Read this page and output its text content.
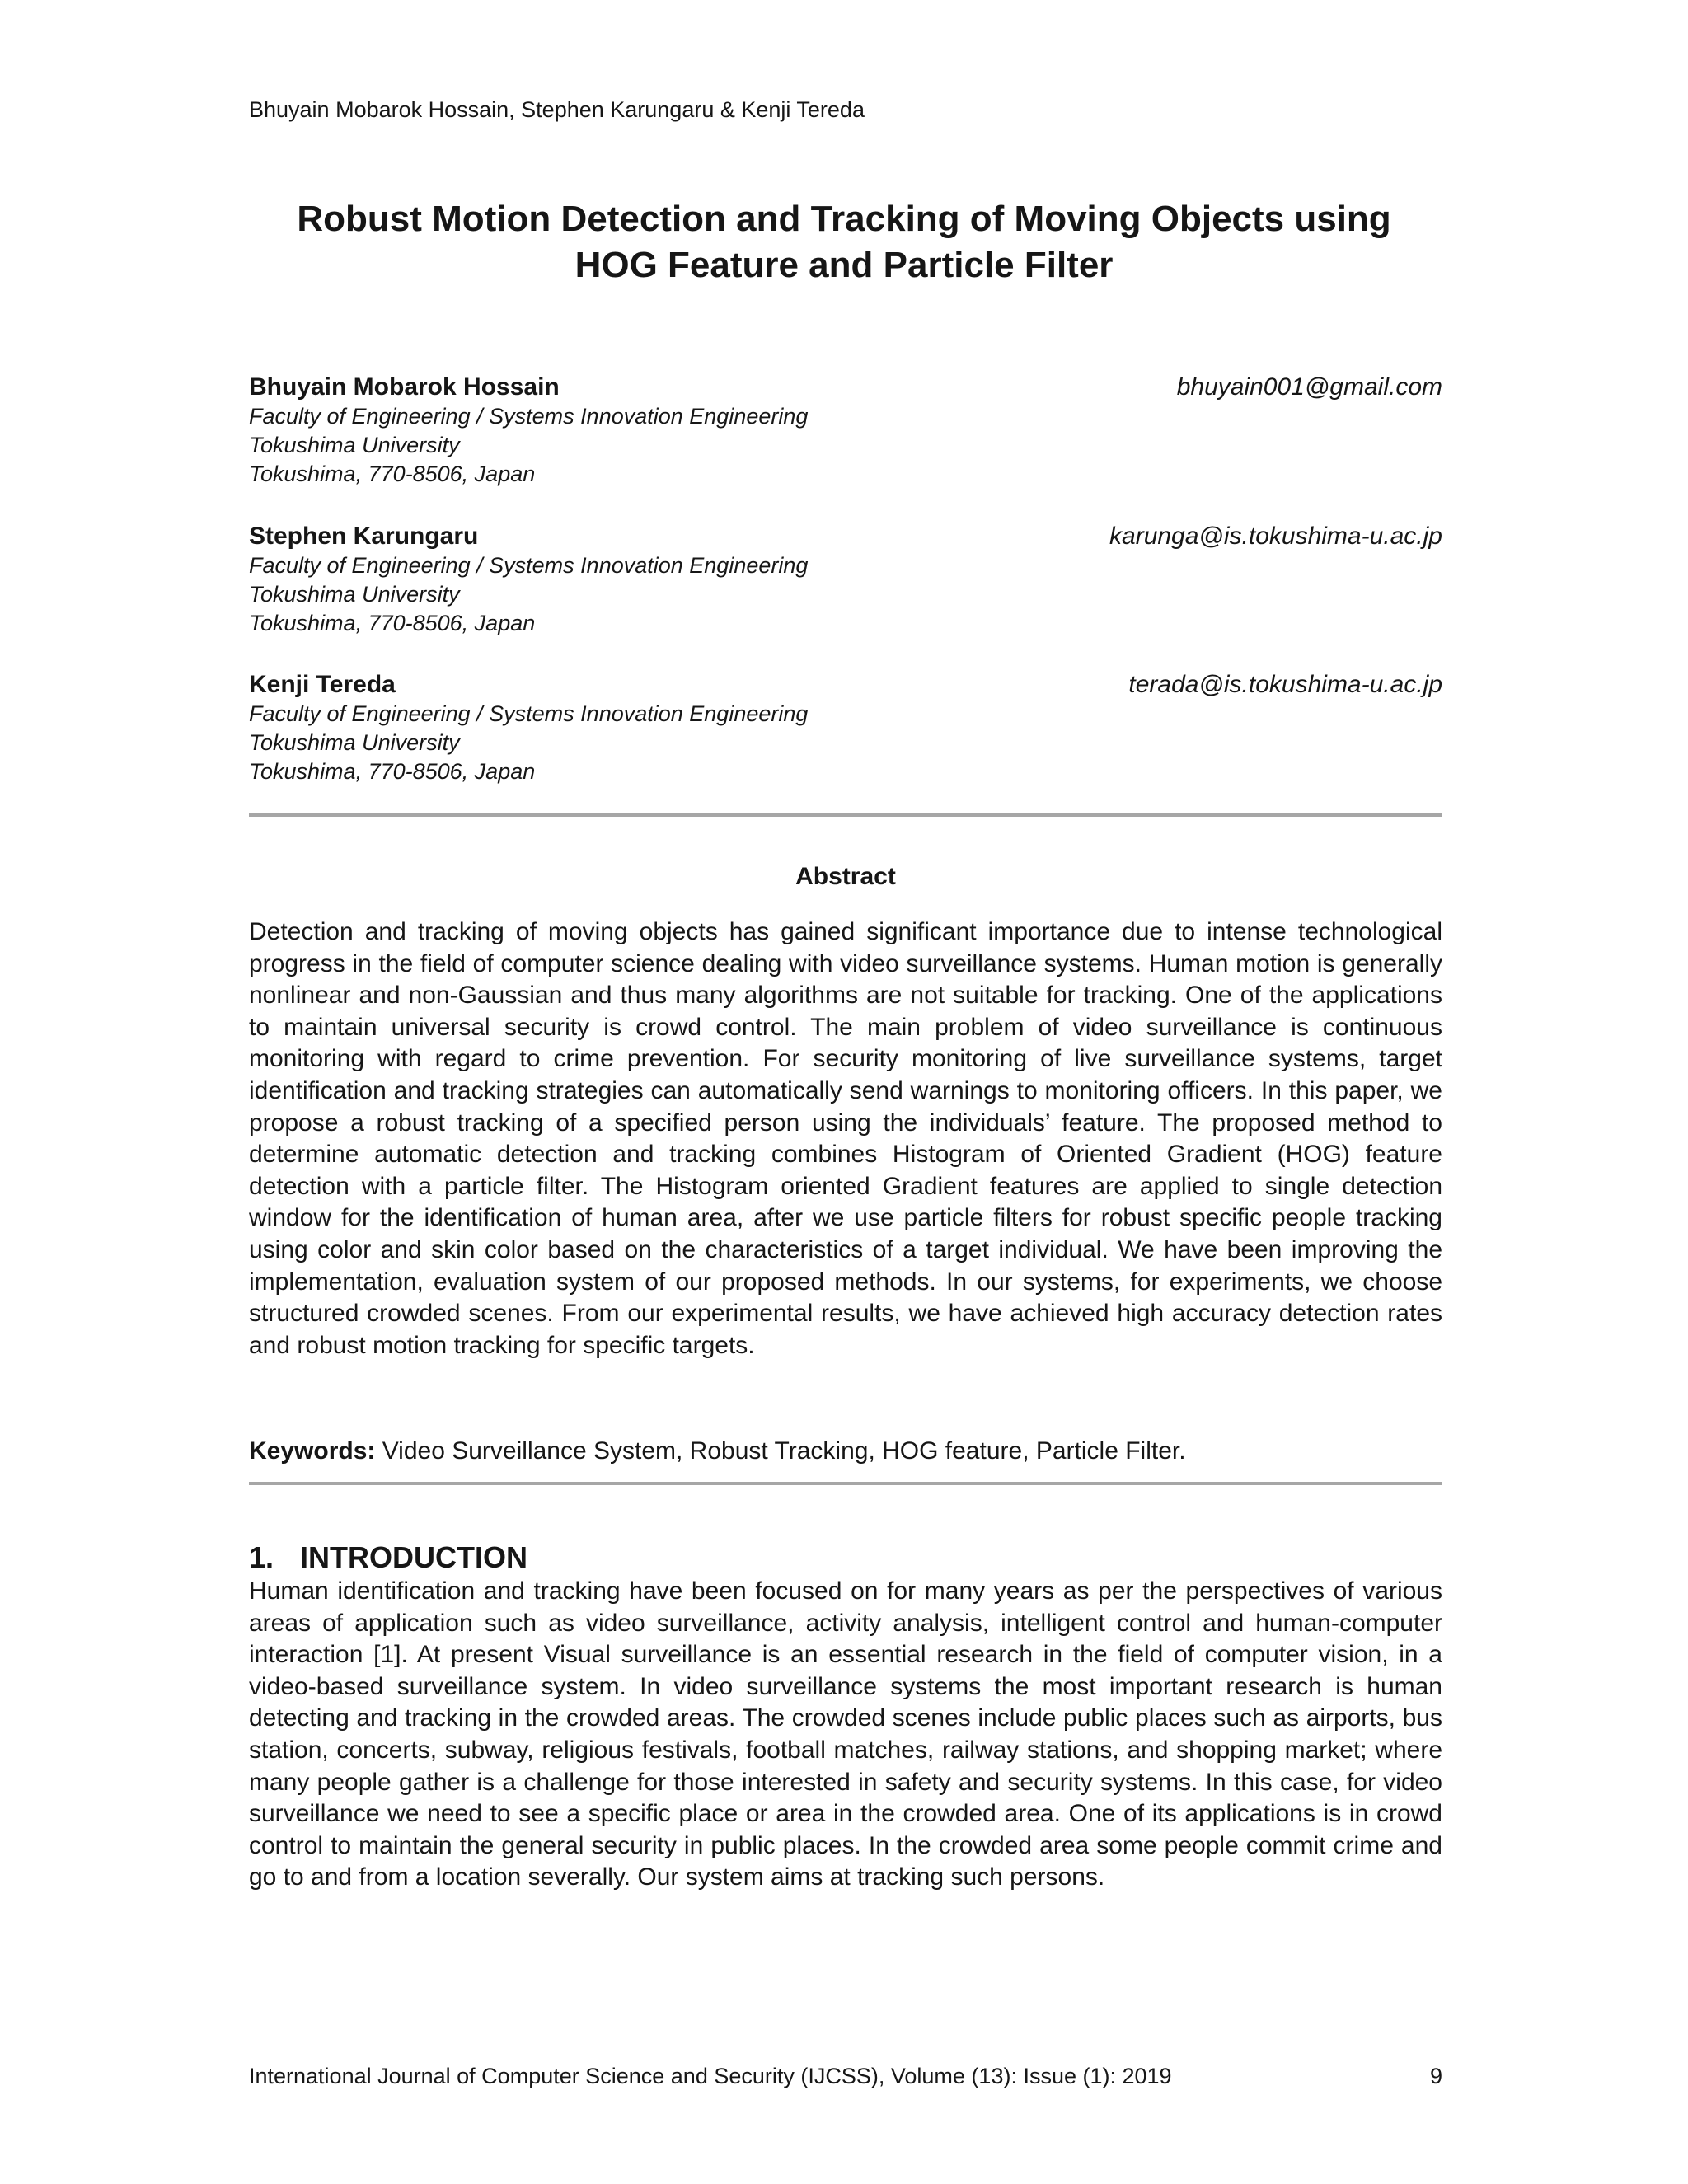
Bhuyain Mobarok Hossain, Stephen Karungaru & Kenji Tereda
Robust Motion Detection and Tracking of Moving Objects using
HOG Feature and Particle Filter
Bhuyain Mobarok Hossain	bhuyain001@gmail.com
Faculty of Engineering / Systems Innovation Engineering
Tokushima University
Tokushima, 770-8506, Japan
Stephen Karungaru	karunga@is.tokushima-u.ac.jp
Faculty of Engineering / Systems Innovation Engineering
Tokushima University
Tokushima, 770-8506, Japan
Kenji Tereda	terada@is.tokushima-u.ac.jp
Faculty of Engineering / Systems Innovation Engineering
Tokushima University
Tokushima, 770-8506, Japan
Abstract

Detection and tracking of moving objects has gained significant importance due to intense technological progress in the field of computer science dealing with video surveillance systems. Human motion is generally nonlinear and non-Gaussian and thus many algorithms are not suitable for tracking. One of the applications to maintain universal security is crowd control. The main problem of video surveillance is continuous monitoring with regard to crime prevention. For security monitoring of live surveillance systems, target identification and tracking strategies can automatically send warnings to monitoring officers. In this paper, we propose a robust tracking of a specified person using the individuals’ feature. The proposed method to determine automatic detection and tracking combines Histogram of Oriented Gradient (HOG) feature detection with a particle filter. The Histogram oriented Gradient features are applied to single detection window for the identification of human area, after we use particle filters for robust specific people tracking using color and skin color based on the characteristics of a target individual. We have been improving the implementation, evaluation system of our proposed methods. In our systems, for experiments, we choose structured crowded scenes. From our experimental results, we have achieved high accuracy detection rates and robust motion tracking for specific targets.

Keywords: Video Surveillance System, Robust Tracking, HOG feature, Particle Filter.
1. INTRODUCTION

Human identification and tracking have been focused on for many years as per the perspectives of various areas of application such as video surveillance, activity analysis, intelligent control and human-computer interaction [1]. At present Visual surveillance is an essential research in the field of computer vision, in a video-based surveillance system. In video surveillance systems the most important research is human detecting and tracking in the crowded areas. The crowded scenes include public places such as airports, bus station, concerts, subway, religious festivals, football matches, railway stations, and shopping market; where many people gather is a challenge for those interested in safety and security systems. In this case, for video surveillance we need to see a specific place or area in the crowded area. One of its applications is in crowd control to maintain the general security in public places. In the crowded area some people commit crime and go to and from a location severally. Our system aims at tracking such persons.

International Journal of Computer Science and Security (IJCSS), Volume (13): Issue (1): 2019	9
